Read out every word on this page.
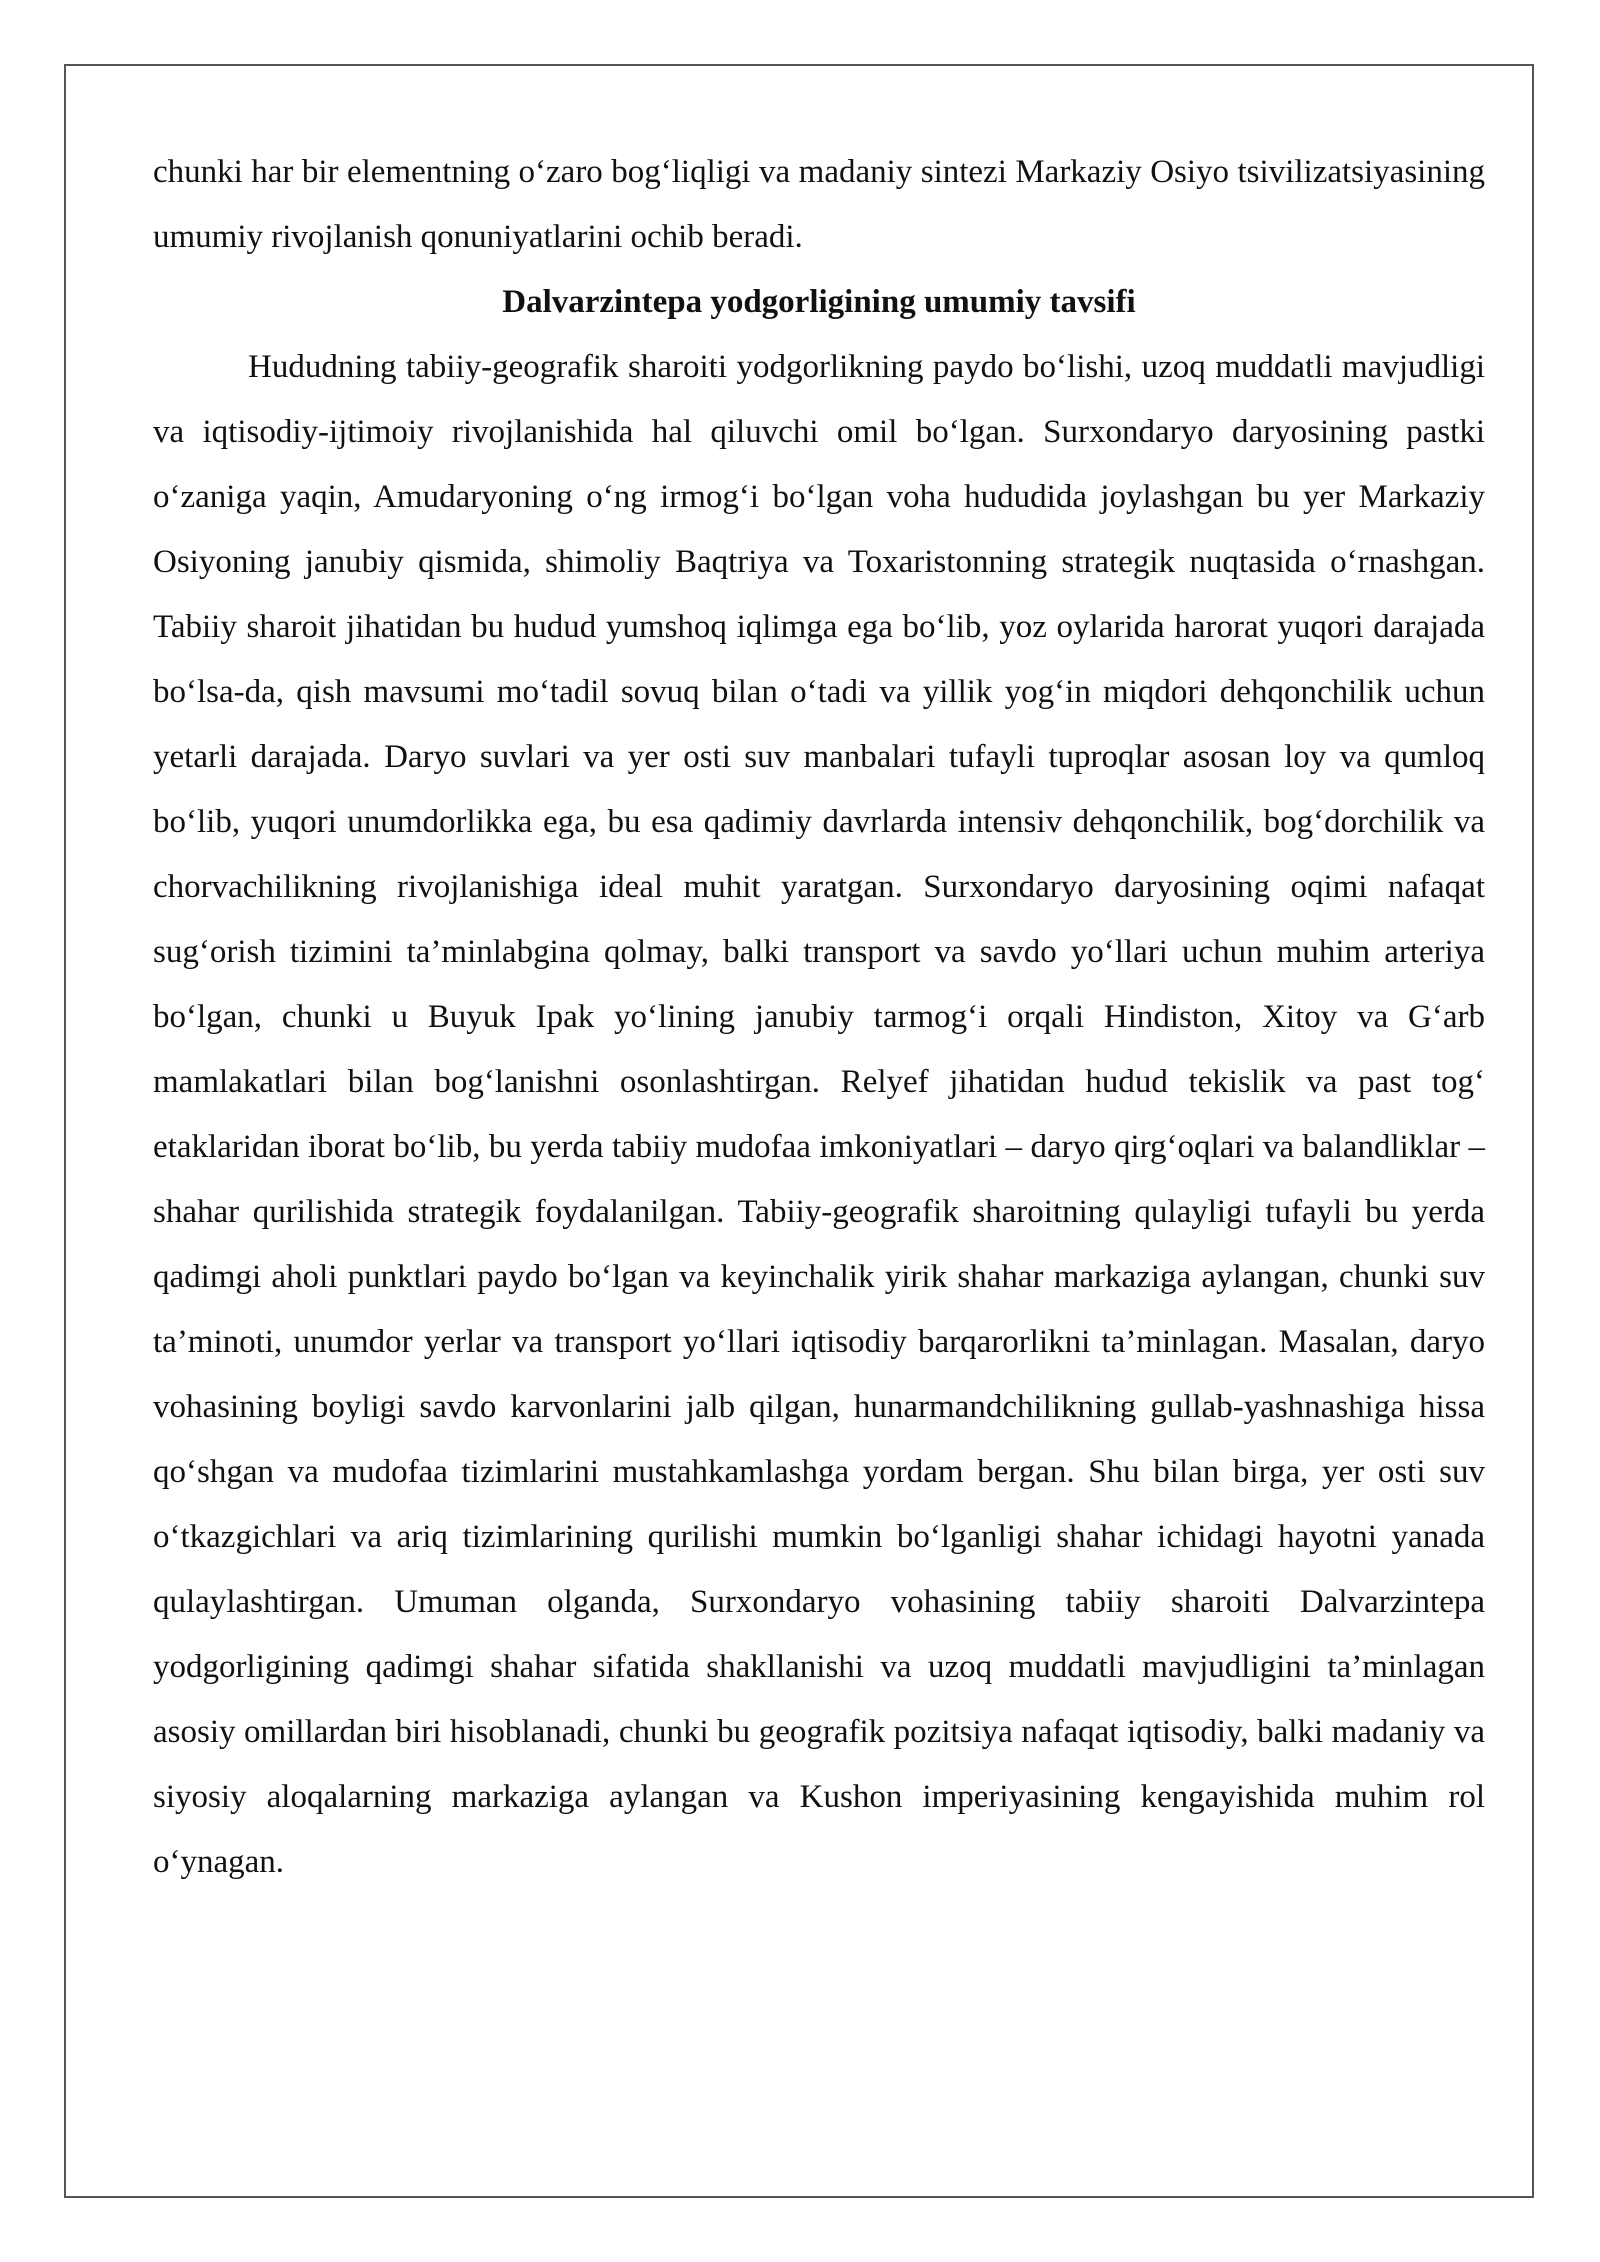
chunki har bir elementning o‘zaro bog‘liqligi va madaniy sintezi Markaziy Osiyo tsivilizatsiyasining umumiy rivojlanish qonuniyatlarini ochib beradi.

Dalvarzintepa yodgorligining umumiy tavsifi

Hududning tabiiy-geografik sharoiti yodgorlikning paydo bo‘lishi, uzoq muddatli mavjudligi va iqtisodiy-ijtimoiy rivojlanishida hal qiluvchi omil bo‘lgan. Surxondaryo daryosining pastki o‘zaniga yaqin, Amudaryoning o‘ng irmog‘i bo‘lgan voha hududida joylashgan bu yer Markaziy Osiyoning janubiy qismida, shimoliy Baqtriya va Toxaristonning strategik nuqtasida o‘rnashgan. Tabiiy sharoit jihatidan bu hudud yumshoq iqlimga ega bo‘lib, yoz oylarida harorat yuqori darajada bo‘lsa-da, qish mavsumi mo‘tadil sovuq bilan o‘tadi va yillik yog‘in miqdori dehqonchilik uchun yetarli darajada. Daryo suvlari va yer osti suv manbalari tufayli tuproqlar asosan loy va qumloq bo‘lib, yuqori unumdorlikka ega, bu esa qadimiy davrlarda intensiv dehqonchilik, bog‘dorchilik va chorvachilikning rivojlanishiga ideal muhit yaratgan. Surxondaryo daryosining oqimi nafaqat sug‘orish tizimini ta’minlabgina qolmay, balki transport va savdo yo‘llari uchun muhim arteriya bo‘lgan, chunki u Buyuk Ipak yo‘lining janubiy tarmog‘i orqali Hindiston, Xitoy va G‘arb mamlakatlari bilan bog‘lanishni osonlashtirgan. Relyef jihatidan hudud tekislik va past tog‘ etaklaridan iborat bo‘lib, bu yerda tabiiy mudofaa imkoniyatlari – daryo qirg‘oqlari va balandliklar – shahar qurilishida strategik foydalanilgan. Tabiiy-geografik sharoitning qulayligi tufayli bu yerda qadimgi aholi punktlari paydo bo‘lgan va keyinchalik yirik shahar markaziga aylangan, chunki suv ta’minoti, unumdor yerlar va transport yo‘llari iqtisodiy barqarorlikni ta’minlagan. Masalan, daryo vohasining boyligi savdo karvonlarini jalb qilgan, hunarmandchilikning gullab-yashnashiga hissa qo‘shgan va mudofaa tizimlarini mustahkamlashga yordam bergan. Shu bilan birga, yer osti suv o‘tkazgichlari va ariq tizimlarining qurilishi mumkin bo‘lganligi shahar ichidagi hayotni yanada qulaylashtirgan. Umuman olganda, Surxondaryo vohasining tabiiy sharoiti Dalvarzintepa yodgorligining qadimgi shahar sifatida shakllanishi va uzoq muddatli mavjudligini ta’minlagan asosiy omillardan biri hisoblanadi, chunki bu geografik pozitsiya nafaqat iqtisodiy, balki madaniy va siyosiy aloqalarning markaziga aylangan va Kushon imperiyasining kengayishida muhim rol o‘ynagan.
